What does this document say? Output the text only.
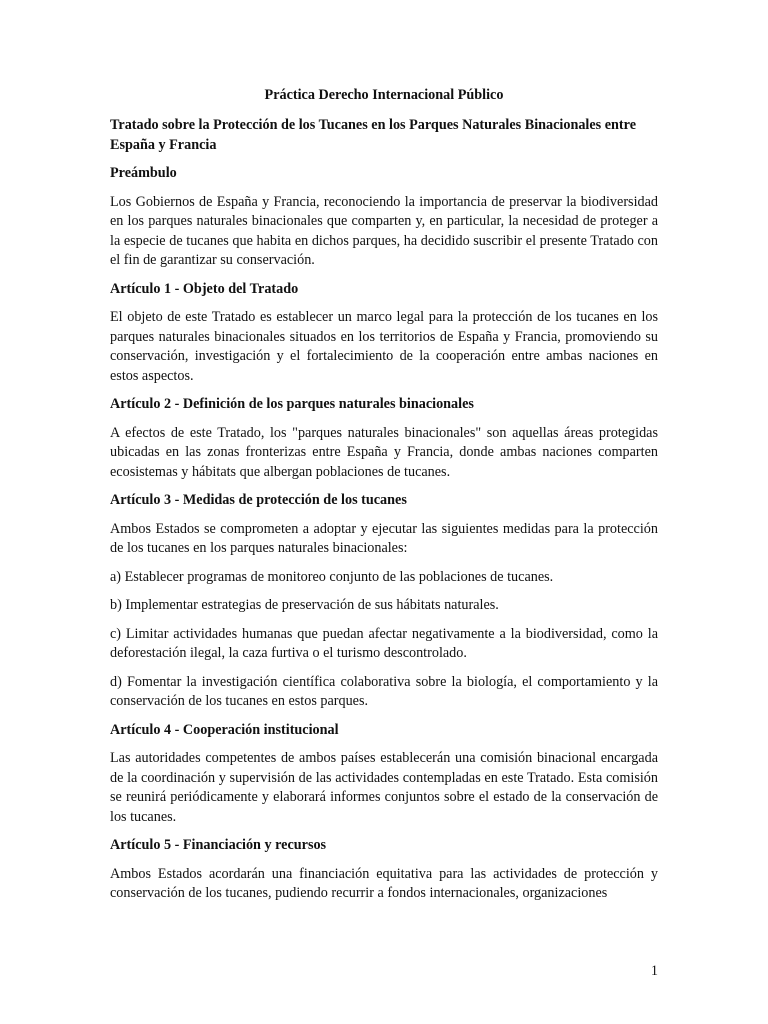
Práctica Derecho Internacional Público
Tratado sobre la Protección de los Tucanes en los Parques Naturales Binacionales entre España y Francia
Preámbulo
Los Gobiernos de España y Francia, reconociendo la importancia de preservar la biodiversidad en los parques naturales binacionales que comparten y, en particular, la necesidad de proteger a la especie de tucanes que habita en dichos parques, ha decidido suscribir el presente Tratado con el fin de garantizar su conservación.
Artículo 1 - Objeto del Tratado
El objeto de este Tratado es establecer un marco legal para la protección de los tucanes en los parques naturales binacionales situados en los territorios de España y Francia, promoviendo su conservación, investigación y el fortalecimiento de la cooperación entre ambas naciones en estos aspectos.
Artículo 2 - Definición de los parques naturales binacionales
A efectos de este Tratado, los "parques naturales binacionales" son aquellas áreas protegidas ubicadas en las zonas fronterizas entre España y Francia, donde ambas naciones comparten ecosistemas y hábitats que albergan poblaciones de tucanes.
Artículo 3 - Medidas de protección de los tucanes
Ambos Estados se comprometen a adoptar y ejecutar las siguientes medidas para la protección de los tucanes en los parques naturales binacionales:
a) Establecer programas de monitoreo conjunto de las poblaciones de tucanes.
b) Implementar estrategias de preservación de sus hábitats naturales.
c) Limitar actividades humanas que puedan afectar negativamente a la biodiversidad, como la deforestación ilegal, la caza furtiva o el turismo descontrolado.
d) Fomentar la investigación científica colaborativa sobre la biología, el comportamiento y la conservación de los tucanes en estos parques.
Artículo 4 - Cooperación institucional
Las autoridades competentes de ambos países establecerán una comisión binacional encargada de la coordinación y supervisión de las actividades contempladas en este Tratado. Esta comisión se reunirá periódicamente y elaborará informes conjuntos sobre el estado de la conservación de los tucanes.
Artículo 5 - Financiación y recursos
Ambos Estados acordarán una financiación equitativa para las actividades de protección y conservación de los tucanes, pudiendo recurrir a fondos internacionales, organizaciones
1
